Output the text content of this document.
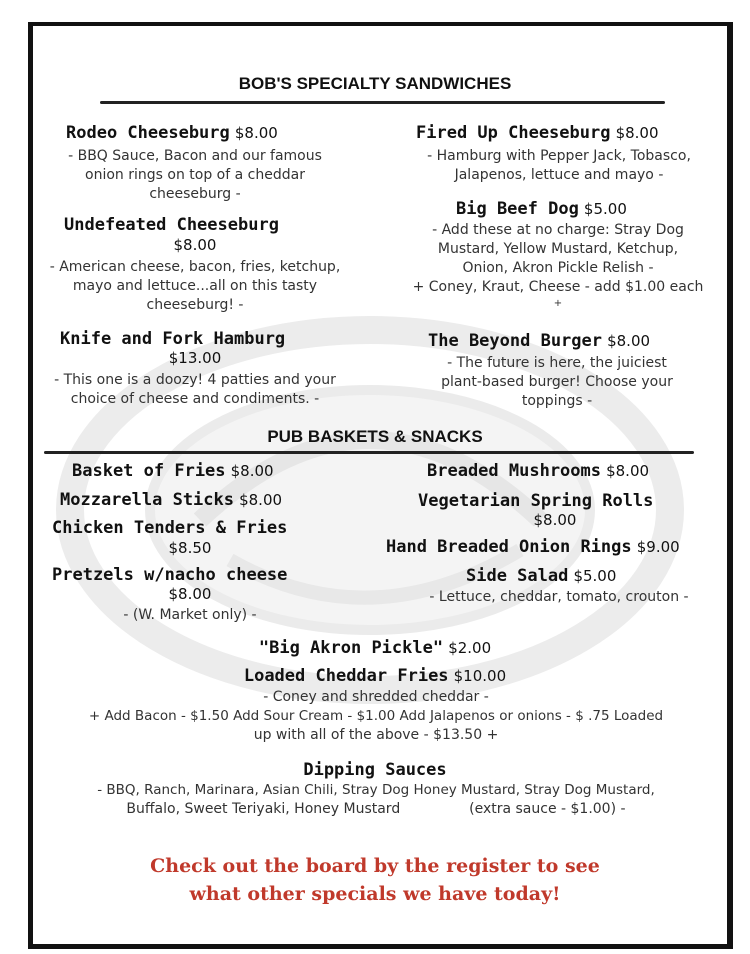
BOB'S SPECIALTY SANDWICHES
Rodeo Cheeseburg $8.00
- BBQ Sauce, Bacon and our famous
onion rings on top of a cheddar
cheeseburg -
Fired Up Cheeseburg $8.00
- Hamburg with Pepper Jack, Tobasco,
Jalapenos, lettuce and mayo -
Undefeated Cheeseburg
$8.00
- American cheese, bacon, fries, ketchup,
mayo and lettuce...all on this tasty
cheeseburg! -
Big Beef Dog $5.00
- Add these at no charge: Stray Dog
Mustard, Yellow Mustard, Ketchup,
Onion, Akron Pickle Relish -
+ Coney, Kraut, Cheese - add $1.00 each
+
Knife and Fork Hamburg
$13.00
- This one is a doozy! 4 patties and your
choice of cheese and condiments. -
The Beyond Burger $8.00
- The future is here, the juiciest
plant-based burger! Choose your
toppings -
PUB BASKETS & SNACKS
Basket of Fries $8.00	Breaded Mushrooms $8.00
Mozzarella Sticks $8.00	Vegetarian Spring Rolls
$8.00
Chicken Tenders & Fries
$8.50	Hand Breaded Onion Rings $9.00
Pretzels w/nacho cheese
$8.00
- (W. Market only) -
Side Salad $5.00
- Lettuce, cheddar, tomato, crouton -
"Big Akron Pickle" $2.00
Loaded Cheddar Fries $10.00
- Coney and shredded cheddar -
+ Add Bacon - $1.50 Add Sour Cream - $1.00 Add Jalapenos or onions - $ .75 Loaded
up with all of the above - $13.50 +
Dipping Sauces
- BBQ, Ranch, Marinara, Asian Chili, Stray Dog Honey Mustard, Stray Dog Mustard,
Buffalo, Sweet Teriyaki, Honey Mustard	(extra sauce - $1.00) -
Check out the board by the register to see
what other specials we have today!
